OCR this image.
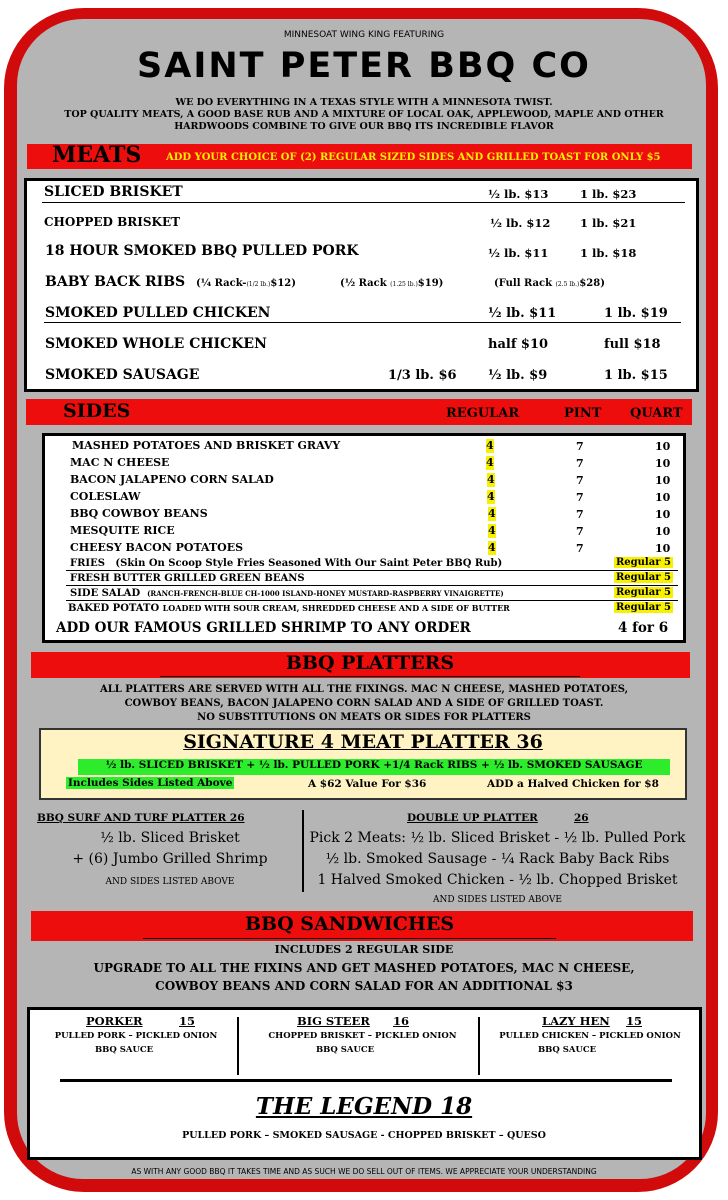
MINNESOAT WING KING FEATURING
SAINT PETER BBQ CO
WE DO EVERYTHING IN A TEXAS STYLE WITH A MINNESOTA TWIST.
TOP QUALITY MEATS, A GOOD BASE RUB AND A MIXTURE OF LOCAL OAK, APPLEWOOD, MAPLE AND OTHER
HARDWOODS COMBINE TO GIVE OUR BBQ ITS INCREDIBLE FLAVOR
MEATS ADD YOUR CHOICE OF (2) REGULAR SIZED SIDES AND GRILLED TOAST FOR ONLY $5
SLICED BRISKET	½ lb. $13	1 lb. $23
CHOPPED BRISKET	½ lb. $12	1 lb. $21
18 HOUR SMOKED BBQ PULLED PORK	½ lb. $11	1 lb. $18
BABY BACK RIBS (¼ Rack-(1/2 lb.)$12)	(½ Rack (1.25 lb.)$19)	(Full Rack (2.5 lb.)$28)
SMOKED PULLED CHICKEN	½ lb. $11	1 lb. $19
SMOKED WHOLE CHICKEN	half $10	full $18
SMOKED SAUSAGE	1/3 lb. $6 ½ lb. $9	1 lb. $15
SIDES	REGULAR	PINT QUART
MASHED POTATOES AND BRISKET GRAVY	4	7	10
MAC N CHEESE	4	7	10
BACON JALAPENO CORN SALAD	4	7	10
COLESLAW	4	7	10
BBQ COWBOY BEANS	4	7	10
MESQUITE RICE	4	7	10
CHEESY BACON POTATOES	4	7	10
FRIES (Skin On Scoop Style Fries Seasoned With Our Saint Peter BBQ Rub)	Regular 5
FRESH BUTTER GRILLED GREEN BEANS	Regular 5
SIDE SALAD (RANCH-FRENCH-BLUE CH-1000 ISLAND-HONEY MUSTARD-RASPBERRY VINAIGRETTE)	Regular 5
BAKED POTATO LOADED WITH SOUR CREAM, SHREDDED CHEESE AND A SIDE OF BUTTER	Regular 5
ADD OUR FAMOUS GRILLED SHRIMP TO ANY ORDER	4 for 6
BBQ PLATTERS
ALL PLATTERS ARE SERVED WITH ALL THE FIXINGS. MAC N CHEESE, MASHED POTATOES,
COWBOY BEANS, BACON JALAPENO CORN SALAD AND A SIDE OF GRILLED TOAST.
NO SUBSTITUTIONS ON MEATS OR SIDES FOR PLATTERS
SIGNATURE 4 MEAT PLATTER 36
½ lb. SLICED BRISKET + ½ lb. PULLED PORK +1/4 Rack RIBS + ½ lb. SMOKED SAUSAGE
Includes Sides Listed Above	A $62 Value For $36	ADD a Halved Chicken for $8
BBQ SURF AND TURF PLATTER 26
½ lb. Sliced Brisket
+ (6) Jumbo Grilled Shrimp
AND SIDES LISTED ABOVE
DOUBLE UP PLATTER	26
Pick 2 Meats: ½ lb. Sliced Brisket - ½ lb. Pulled Pork
½ lb. Smoked Sausage - ¼ Rack Baby Back Ribs
1 Halved Smoked Chicken - ½ lb. Chopped Brisket
AND SIDES LISTED ABOVE
BBQ SANDWICHES
INCLUDES 2 REGULAR SIDE
UPGRADE TO ALL THE FIXINS AND GET MASHED POTATOES, MAC N CHEESE,
COWBOY BEANS AND CORN SALAD FOR AN ADDITIONAL $3
PORKER	15
PULLED PORK – PICKLED ONION
BBQ SAUCE
BIG STEER 16
CHOPPED BRISKET – PICKLED ONION
BBQ SAUCE
LAZY HEN 15
PULLED CHICKEN – PICKLED ONION
BBQ SAUCE
THE LEGEND 18
PULLED PORK – SMOKED SAUSAGE - CHOPPED BRISKET – QUESO
AS WITH ANY GOOD BBQ IT TAKES TIME AND AS SUCH WE DO SELL OUT OF ITEMS. WE APPRECIATE YOUR UNDERSTANDING
